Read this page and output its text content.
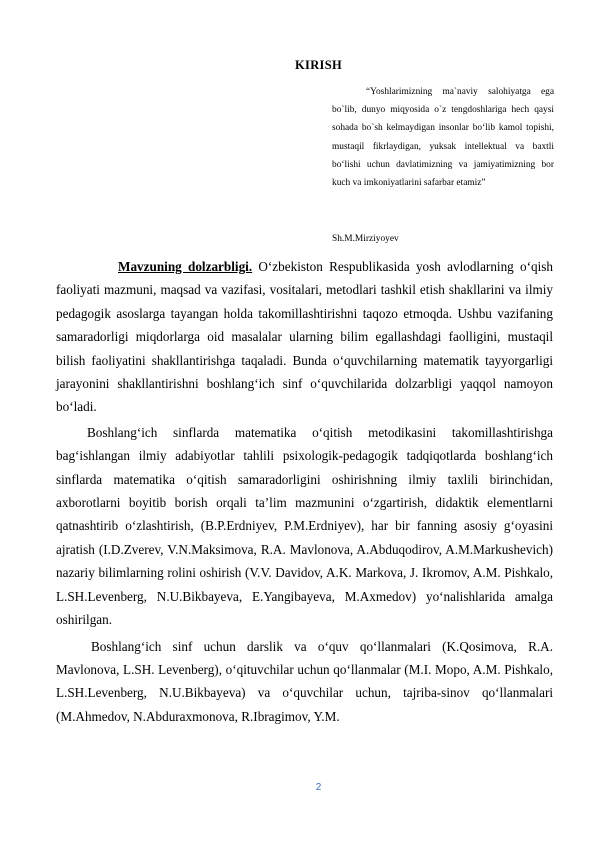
KIRISH
“Yoshlarimizning ma`naviy salohiyatga ega bo`lib, dunyo miqyosida o`z tengdoshlariga hech qaysi sohada bo`sh kelmaydigan insonlar bo‘lib kamol topishi, mustaqil fikrlaydigan, yuksak intellektual va baxtli bo‘lishi uchun davlatimizning va jamiyatimizning bor kuch va imkoniyatlarini safarbar etamiz”
Sh.M.Mirziyoyev

Mavzuning dolzarbligi. O‘zbekiston Respublikasida yosh avlodlarning o‘qish faoliyati mazmuni, maqsad va vazifasi, vositalari, metodlari tashkil etish shakllarini va ilmiy pedagogik asoslarga tayangan holda takomillashtirishni taqozo etmoqda. Ushbu vazifaning samaradorligi miqdorlarga oid masalalar ularning bilim egallashdagi faolligini, mustaqil bilish faoliyatini shakllantirishga taqaladi. Bunda o‘quvchilarning matematik tayyorgarligi jarayonini shakllantirishni boshlang‘ich sinf o‘quvchilarida dolzarbligi yaqqol namoyon bo‘ladi.

Boshlang‘ich sinflarda matematika o‘qitish metodikasini takomillashtirishga bag‘ishlangan ilmiy adabiyotlar tahlili psixologik-pedagogik tadqiqotlarda boshlang‘ich sinflarda matematika o‘qitish samaradorligini oshirishning ilmiy taxlili birinchidan, axborotlarni boyitib borish orqali ta’lim mazmunini o‘zgartirish, didaktik elementlarni qatnashtirib o‘zlashtirish, (B.P.Erdniyev, P.M.Erdniyev), har bir fanning asosiy g‘oyasini ajratish (I.D.Zverev, V.N.Maksimova, R.A. Mavlonova, A.Abduqodirov, A.M.Markushevich) nazariy bilimlarning rolini oshirish (V.V. Davidov, A.K. Markova, J. Ikromov, A.M. Pishkalo, L.SH.Levenberg, N.U.Bikbayeva, E.Yangibayeva, M.Axmedov) yo‘nalishlarida amalga oshirilgan.

Boshlang‘ich sinf uchun darslik va o‘quv qo‘llanmalari (K.Qosimova, R.A. Mavlonova, L.SH. Levenberg), o‘qituvchilar uchun qo‘llanmalar (M.I. Mopo, A.M. Pishkalo, L.SH.Levenberg, N.U.Bikbayeva) va o‘quvchilar uchun, tajriba-sinov qo‘llanmalari (M.Ahmedov, N.Abduraxmonova, R.Ibragimov, Y.M.

2
